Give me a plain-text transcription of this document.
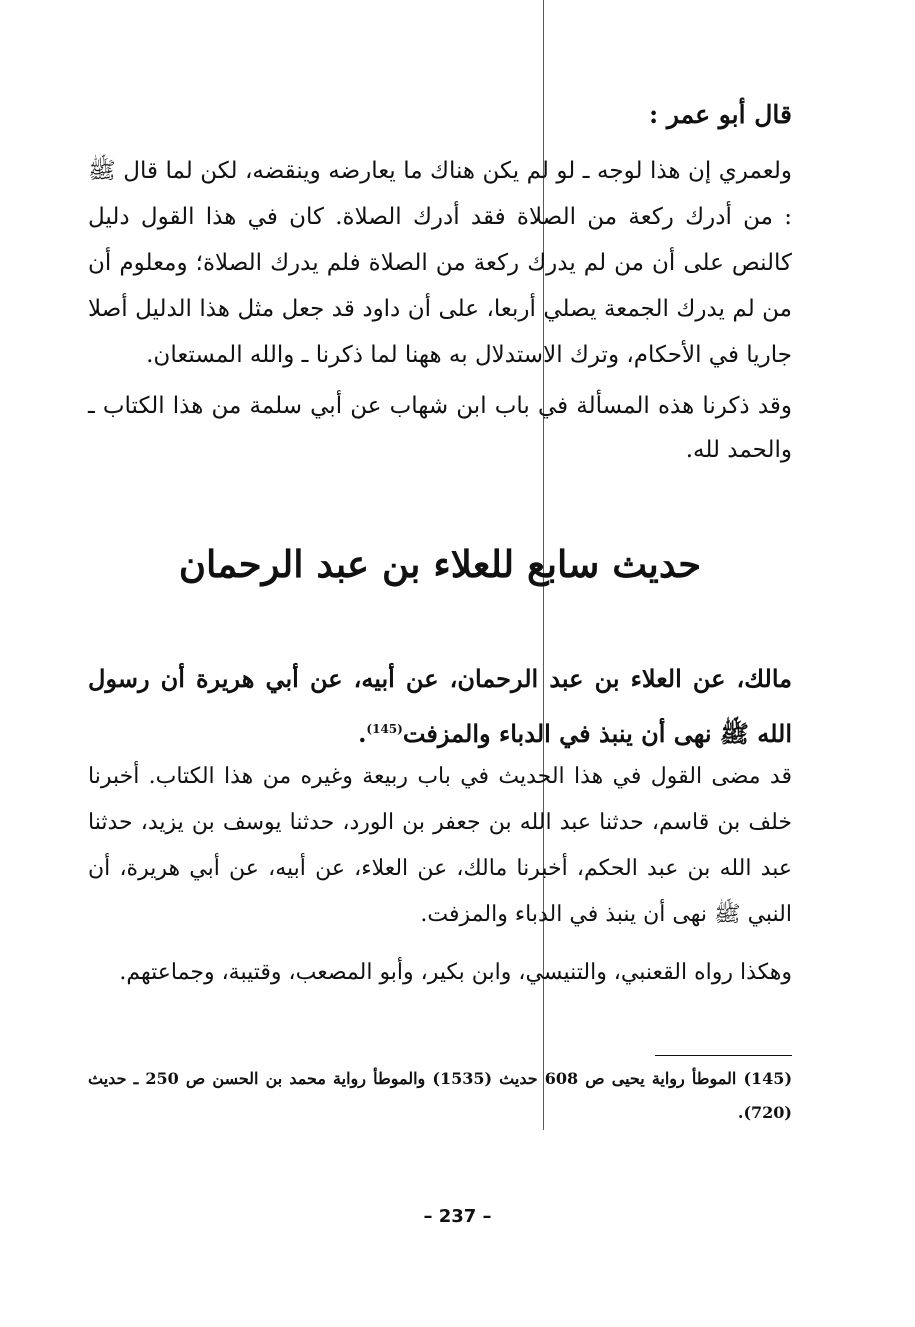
قال أبو عمر :
ولعمري إن هذا لوجه ـ لو لم يكن هناك ما يعارضه وينقضه، لكن لما قال ﷺ : من أدرك ركعة من الصلاة فقد أدرك الصلاة. كان في هذا القول دليل كالنص على أن من لم يدرك ركعة من الصلاة فلم يدرك الصلاة؛ ومعلوم أن من لم يدرك الجمعة يصلي أربعا، على أن داود قد جعل مثل هذا الدليل أصلا جاريا في الأحكام، وترك الاستدلال به ههنا لما ذكرنا ـ والله المستعان.
وقد ذكرنا هذه المسألة في باب ابن شهاب عن أبي سلمة من هذا الكتاب ـ والحمد لله.
حديث سابع للعلاء بن عبد الرحمان
مالك، عن العلاء بن عبد الرحمان، عن أبيه، عن أبي هريرة أن رسول الله ﷺ نهى أن ينبذ في الدباء والمزفت$^{(145)}$.
قد مضى القول في هذا الحديث في باب ربيعة وغيره من هذا الكتاب. أخبرنا خلف بن قاسم، حدثنا عبد الله بن جعفر بن الورد، حدثنا يوسف بن يزيد، حدثنا عبد الله بن عبد الحكم، أخبرنا مالك، عن العلاء، عن أبيه، عن أبي هريرة، أن النبي ﷺ نهى أن ينبذ في الدباء والمزفت.
وهكذا رواه القعنبي، والتنيسي، وابن بكير، وأبو المصعب، وقتيبة، وجماعتهم.
(145) الموطأ رواية يحيى ص 608 حديث (1535) والموطأ رواية محمد بن الحسن ص 250 ـ حديث (720).
– 237 –
